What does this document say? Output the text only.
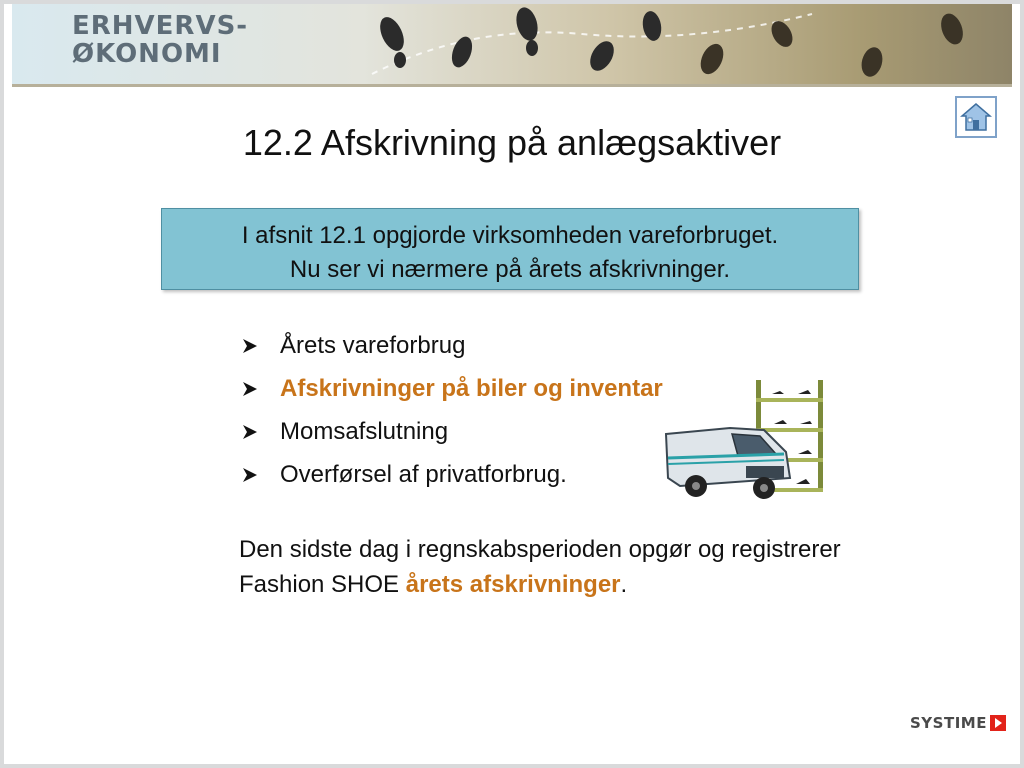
ERHVERVS-
ØKONOMI
12.2 Afskrivning på anlægsaktiver
I afsnit 12.1 opgjorde virksomheden vareforbruget.
Nu ser vi nærmere på årets afskrivninger.
Årets vareforbrug
Afskrivninger på biler og inventar
Momsafslutning
Overførsel af privatforbrug.
Den sidste dag i regnskabsperioden opgør og registrerer Fashion SHOE årets afskrivninger.
SYSTIME
